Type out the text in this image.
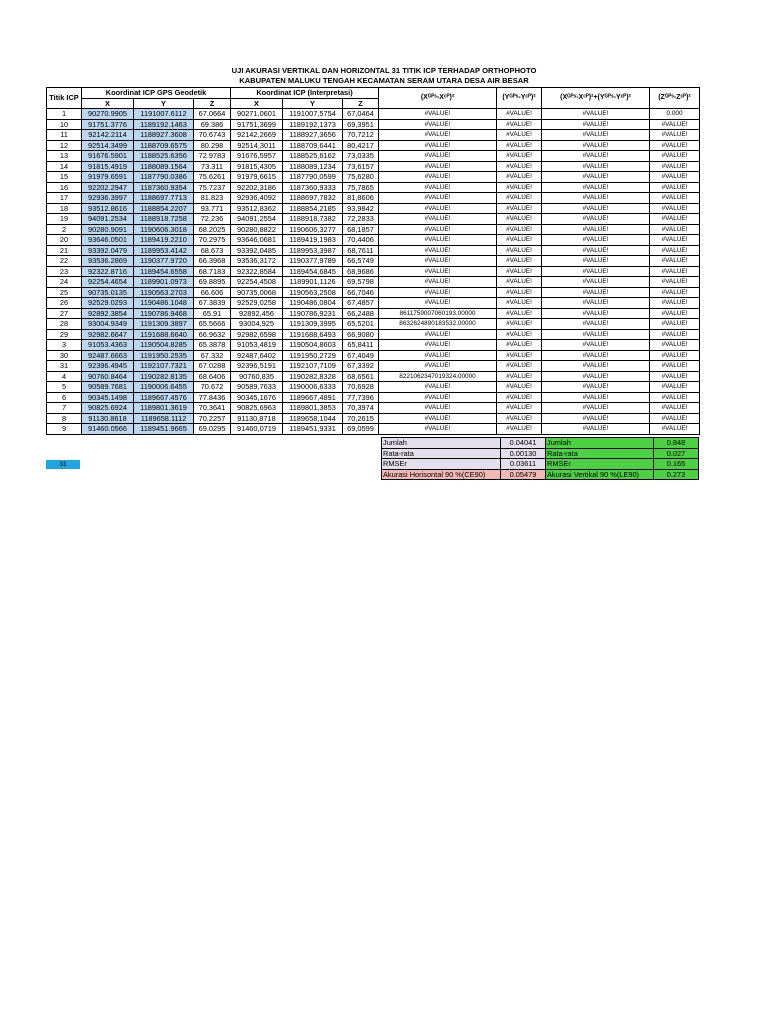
UJI AKURASI VERTIKAL DAN HORIZONTAL 31 TITIK ICP TERHADAP ORTHOPHOTO
KABUPATEN MALUKU TENGAH KECAMATAN SERAM UTARA DESA AIR BESAR
Titik ICP	Koordinat ICP GPS Geodetik			Koordinat ICP (Interpretasi)			(Xᴳᴾˢ-Xᶜᴾ)²	(Yᴳᴾˢ-Yᶜᴾ)²	(Xᴳᴾˢ-Xᶜᴾ)²+(Yᴳᴾˢ-Yᶜᴾ)²	(Zᴳᴾˢ-Zᶜᴾ)²
	X	Y	Z	X	Y	Z				
1	90270.9905	1191007.6112	67.0664	90271,0601	1191007,5754	67,0464	#VALUE!	#VALUE!	#VALUE!	0.000
10	91751.3776	1189192.1463	69.386	91751,3699	1189192,1373	69,3951	#VALUE!	#VALUE!	#VALUE!	#VALUE!
11	92142.2114	1188927.3608	70.6743	92142,2669	1188927,3656	70,7212	#VALUE!	#VALUE!	#VALUE!	#VALUE!
12	92514.3499	1188709.6575	80.298	92514,3011	1188709,6441	80,4217	#VALUE!	#VALUE!	#VALUE!	#VALUE!
13	91676.5901	1188525.6356	72.9783	91676,5957	1188525,6162	73,0335	#VALUE!	#VALUE!	#VALUE!	#VALUE!
14	91815.4919	1188089.1564	73.311	91815,4305	1188089,1234	73,6157	#VALUE!	#VALUE!	#VALUE!	#VALUE!
15	91979.6591	1187790.0386	75.6261	91979,6615	1187790,0599	75,6280	#VALUE!	#VALUE!	#VALUE!	#VALUE!
16	92202.2947	1187360.9354	75.7237	92202,3186	1187360,9333	75,7865	#VALUE!	#VALUE!	#VALUE!	#VALUE!
17	92936.3997	1188697.7713	81.823	92936,4092	1188697,7832	81,8606	#VALUE!	#VALUE!	#VALUE!	#VALUE!
18	93512.8616	1188854.2207	93.771	93512,8362	1188854,2185	93,9842	#VALUE!	#VALUE!	#VALUE!	#VALUE!
19	94091.2534	1188918.7258	72.236	94091,2554	1188918,7382	72,2833	#VALUE!	#VALUE!	#VALUE!	#VALUE!
2	90280.9091	1190606.3018	68.2025	90280,8822	1190606,3277	68,1857	#VALUE!	#VALUE!	#VALUE!	#VALUE!
20	93646.0501	1189419.2210	70.2975	93646,0681	1189419,1983	70,4406	#VALUE!	#VALUE!	#VALUE!	#VALUE!
21	93392.0479	1189953.4142	68.673	93392,0485	1189953,3987	68,7611	#VALUE!	#VALUE!	#VALUE!	#VALUE!
22	93536.2869	1190377.9720	66.3968	93536,3172	1190377,9789	66,5749	#VALUE!	#VALUE!	#VALUE!	#VALUE!
23	92322.8716	1189454.6558	68.7183	92322,8584	1189454,6845	68,9686	#VALUE!	#VALUE!	#VALUE!	#VALUE!
24	92254.4654	1189901.0973	69.8895	92254,4508	1189901,1126	69,5798	#VALUE!	#VALUE!	#VALUE!	#VALUE!
25	90735.0135	1190563.2703	66.606	90735,0068	1190563,2508	66,7046	#VALUE!	#VALUE!	#VALUE!	#VALUE!
26	92529.0293	1190486.1048	67.3839	92529,0258	1190486,0804	67,4857	#VALUE!	#VALUE!	#VALUE!	#VALUE!
27	92892.3854	1190786.9468	65.91	92892,456	1190786,9231	66,2488	8611759007060193.00000	#VALUE!	#VALUE!	#VALUE!
28	93004.9349	1191309.3897	65.5666	93004,925	1191309,3995	65,5201	8632624890183532.00000	#VALUE!	#VALUE!	#VALUE!
29	92982.6647	1191688.6640	66.9632	92982,6598	1191688,6493	66,9080	#VALUE!	#VALUE!	#VALUE!	#VALUE!
3	91053.4363	1190504.8285	65.3878	91053,4819	1190504,8603	65,8411	#VALUE!	#VALUE!	#VALUE!	#VALUE!
30	92487.6663	1191950.2535	67.332	92487,6402	1191950,2729	67,4049	#VALUE!	#VALUE!	#VALUE!	#VALUE!
31	92396.4945	1192107.7321	67.0288	92396,5191	1192107,7109	67,3392	#VALUE!	#VALUE!	#VALUE!	#VALUE!
4	90760.8464	1190282.8135	68.6406	90760,835	1190282,8328	68,6561	8221062347019324.00000	#VALUE!	#VALUE!	#VALUE!
5	90589.7681	1190006.6455	70.672	90589,7633	1190006,6333	70,6928	#VALUE!	#VALUE!	#VALUE!	#VALUE!
6	90345.1498	1189667.4576	77.8436	90345,1676	1189667,4891	77,7396	#VALUE!	#VALUE!	#VALUE!	#VALUE!
7	90825.6924	1189801.3619	70.3641	90825,6963	1189801,3853	70,3974	#VALUE!	#VALUE!	#VALUE!	#VALUE!
8	91130.8618	1189658.1112	70.2257	91130,8718	1189658,1044	70,2615	#VALUE!	#VALUE!	#VALUE!	#VALUE!
9	91460.0566	1189451.9665	69.0295	91460,0719	1189451,9331	69,0599	#VALUE!	#VALUE!	#VALUE!	#VALUE!
Jumlah	0.04041	Jumlah	0.848
Rata-rata	0.00130	Rata-rata	0.027
RMSEr	0.03611	RMSEr	0.165
Akurasi Horisontal 90 %(CE90)	0.05479	Akurasi Vertikal 90 %(LE90)	0.273
31
